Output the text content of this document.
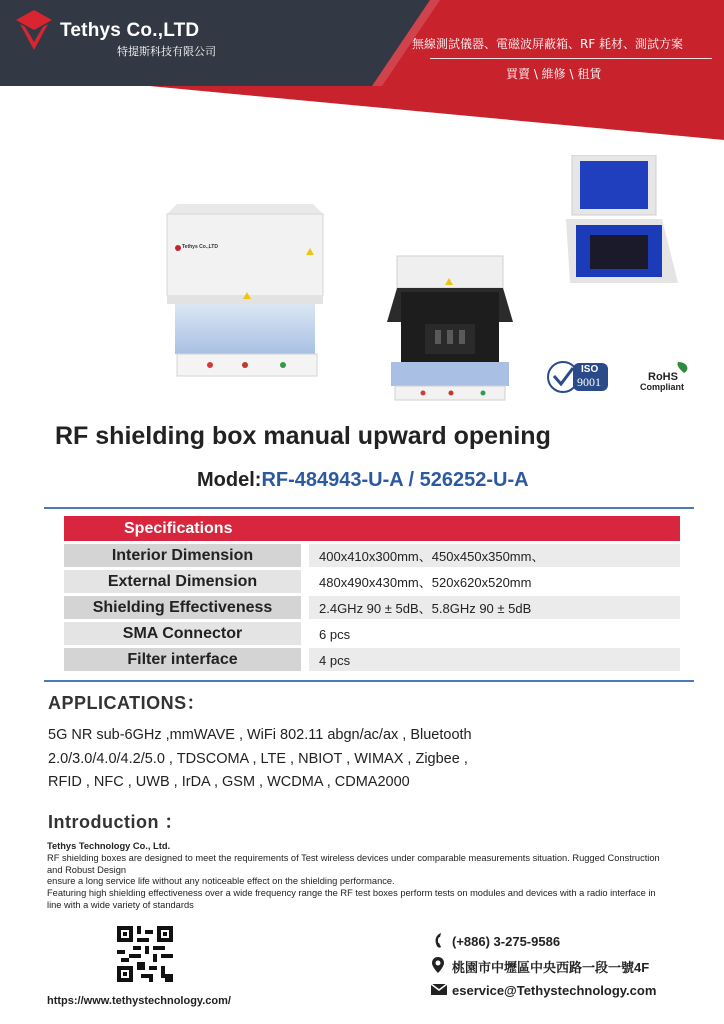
Tethys Co.,LTD
特提斯科技有限公司
無線測試儀器、電磁波屏蔽箱、RF 耗材、測試方案
買賣 \ 維修 \ 租賃
Tethys Co.,LTD
ISO
9001	RoHS
Compliant
RF shielding box manual upward opening
Model:RF-484943-U-A / 526252-U-A
Specifications
Interior Dimension	400x410x300mm、450x450x350mm、
External Dimension	480x490x430mm、520x620x520mm
Shielding Effectiveness	2.4GHz 90 ± 5dB、5.8GHz 90 ± 5dB
SMA Connector	6 pcs
Filter interface	4 pcs
APPLICATIONS：
5G NR sub-6GHz ,mmWAVE , WiFi 802.11 abgn/ac/ax , Bluetooth
2.0/3.0/4.0/4.2/5.0 , TDSCOMA , LTE , NBIOT , WIMAX , Zigbee ,
RFID , NFC , UWB , IrDA , GSM , WCDMA , CDMA2000
Introduction ：
Tethys Technology Co., Ltd.
RF shielding boxes are designed to meet the requirements of Test wireless devices under comparable measurements situation. Rugged Construction
and Robust Design
ensure a long service life without any noticeable effect on the shielding performance.
Featuring high shielding effectiveness over a wide frequency range the RF test boxes perform tests on modules and devices with a radio interface in
line with a wide variety of standards
https://www.tethystechnology.com/
(+886) 3-275-9586
桃園市中壢區中央西路一段一號4F
eservice@Tethystechnology.com
